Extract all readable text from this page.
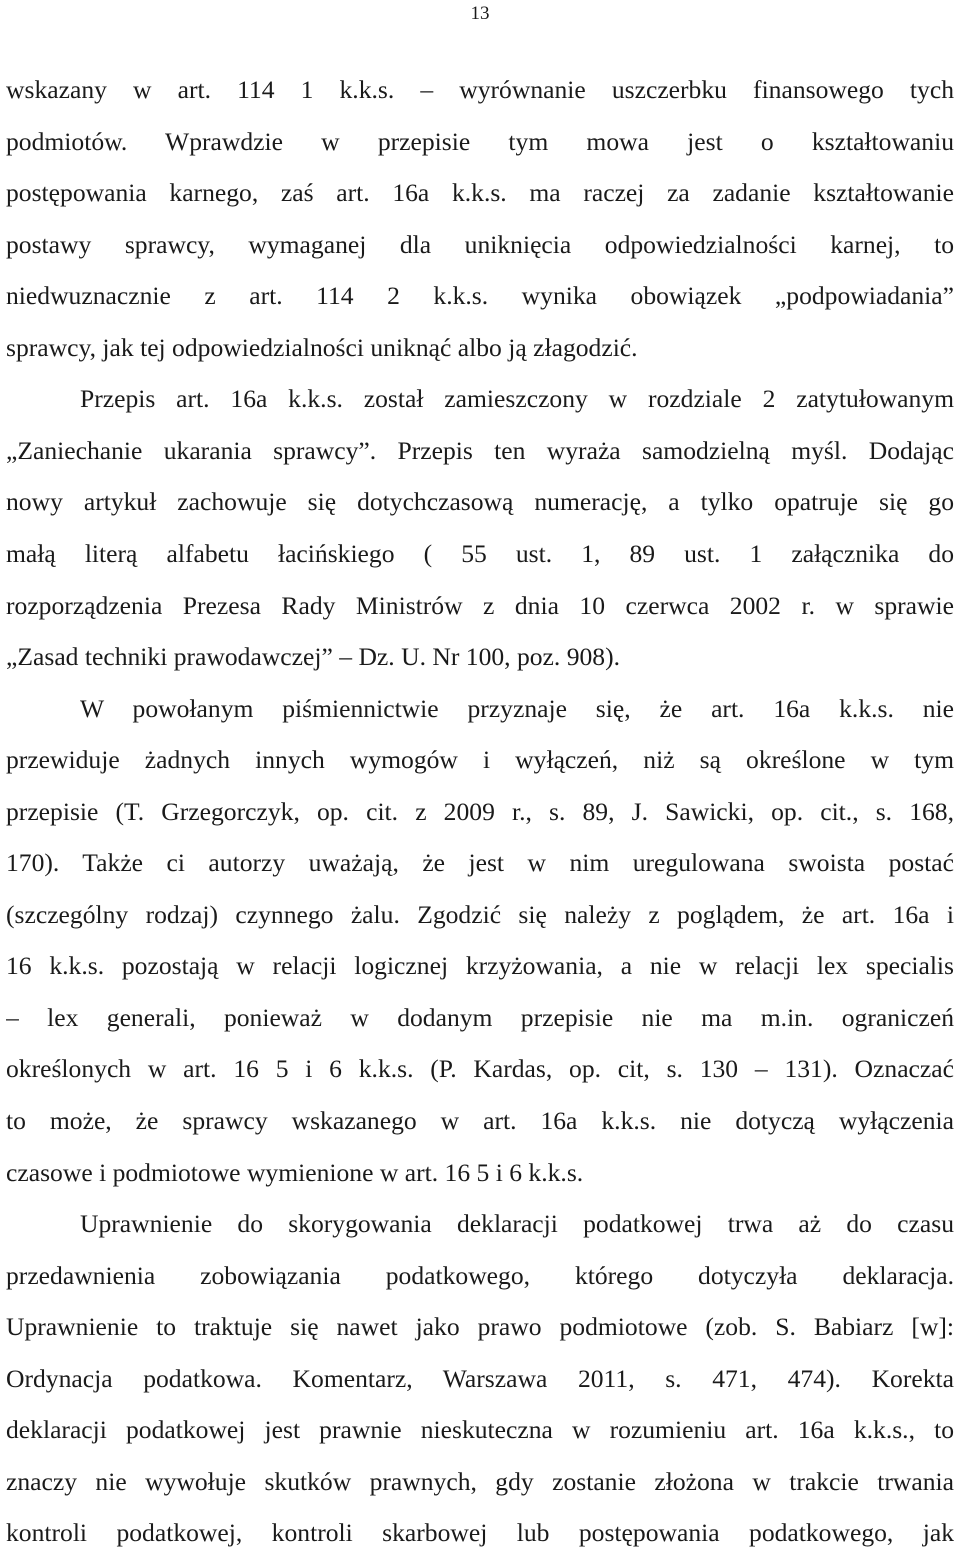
13
wskazany w art. 114 1 k.k.s. – wyrównanie uszczerbku finansowego tych
podmiotów. Wprawdzie w przepisie tym mowa jest o kształtowaniu
postępowania karnego, zaś art. 16a k.k.s. ma raczej za zadanie kształtowanie
postawy sprawcy, wymaganej dla uniknięcia odpowiedzialności karnej, to
niedwuznacznie z art. 114 2 k.k.s. wynika obowiązek „podpowiadania”
sprawcy, jak tej odpowiedzialności uniknąć albo ją złagodzić.
Przepis art. 16a k.k.s. został zamieszczony w rozdziale 2 zatytułowanym
„Zaniechanie ukarania sprawcy”. Przepis ten wyraża samodzielną myśl. Dodając
nowy artykuł zachowuje się dotychczasową numerację, a tylko opatruje się go
małą literą alfabetu łacińskiego ( 55 ust. 1, 89 ust. 1 załącznika do
rozporządzenia Prezesa Rady Ministrów z dnia 10 czerwca 2002 r. w sprawie
„Zasad techniki prawodawczej” – Dz. U. Nr 100, poz. 908).
W powołanym piśmiennictwie przyznaje się, że art. 16a k.k.s. nie
przewiduje żadnych innych wymogów i wyłączeń, niż są określone w tym
przepisie (T. Grzegorczyk, op. cit. z 2009 r., s. 89, J. Sawicki, op. cit., s. 168,
170). Także ci autorzy uważają, że jest w nim uregulowana swoista postać
(szczególny rodzaj) czynnego żalu. Zgodzić się należy z poglądem, że art. 16a i
16 k.k.s. pozostają w relacji logicznej krzyżowania, a nie w relacji lex specialis
– lex generali, ponieważ w dodanym przepisie nie ma m.in. ograniczeń
określonych w art. 16 5 i 6 k.k.s. (P. Kardas, op. cit, s. 130 – 131). Oznaczać
to może, że sprawcy wskazanego w art. 16a k.k.s. nie dotyczą wyłączenia
czasowe i podmiotowe wymienione w art. 16 5 i 6 k.k.s.
Uprawnienie do skorygowania deklaracji podatkowej trwa aż do czasu
przedawnienia zobowiązania podatkowego, którego dotyczyła deklaracja.
Uprawnienie to traktuje się nawet jako prawo podmiotowe (zob. S. Babiarz [w]:
Ordynacja podatkowa. Komentarz, Warszawa 2011, s. 471, 474). Korekta
deklaracji podatkowej jest prawnie nieskuteczna w rozumieniu art. 16a k.k.s., to
znaczy nie wywołuje skutków prawnych, gdy zostanie złożona w trakcie trwania
kontroli podatkowej, kontroli skarbowej lub postępowania podatkowego, jak
